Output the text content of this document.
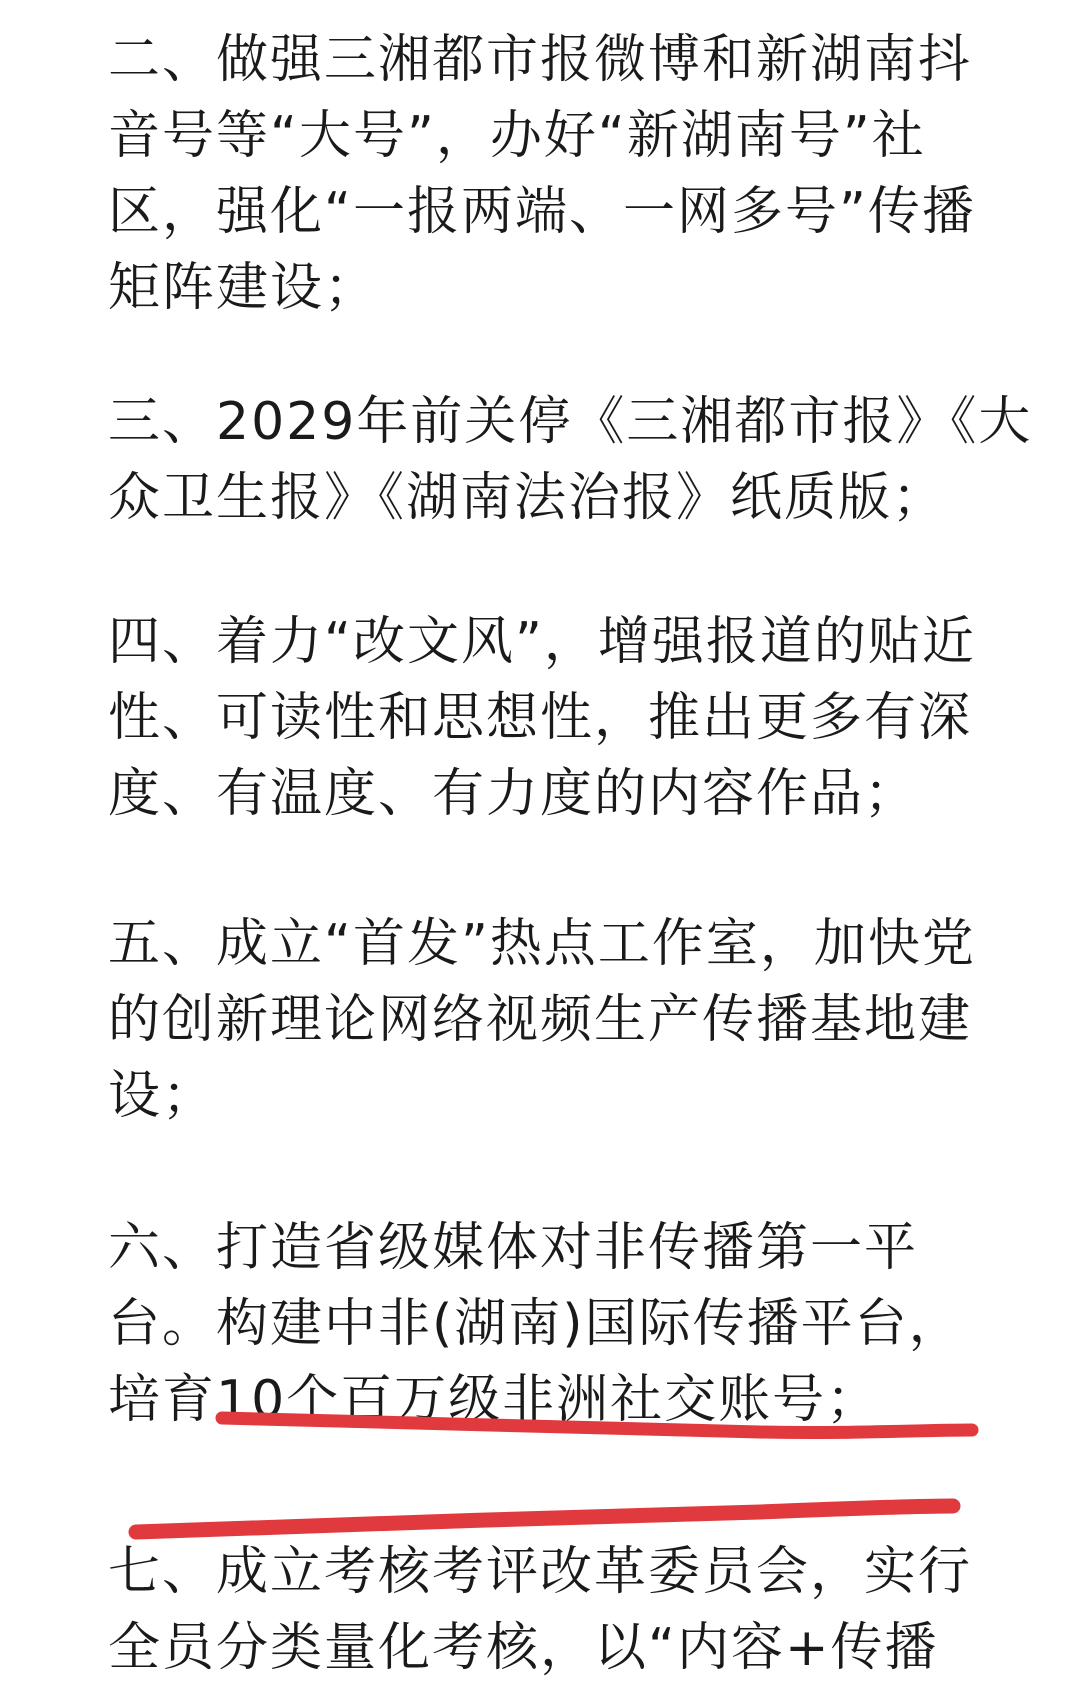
二、做强三湘都市报微博和新湖南抖
音号等“大号”，办好“新湖南号”社
区，强化“一报两端、一网多号”传播
矩阵建设；

三、2029年前关停《三湘都市报》《大
众卫生报》《湖南法治报》纸质版；

四、着力“改文风”，增强报道的贴近
性、可读性和思想性，推出更多有深
度、有温度、有力度的内容作品；

五、成立“首发”热点工作室，加快党
的创新理论网络视频生产传播基地建
设；

六、打造省级媒体对非传播第一平
台。构建中非(湖南)国际传播平台，
培育10个百万级非洲社交账号；

七、成立考核考评改革委员会，实行
全员分类量化考核，以“内容+传播
